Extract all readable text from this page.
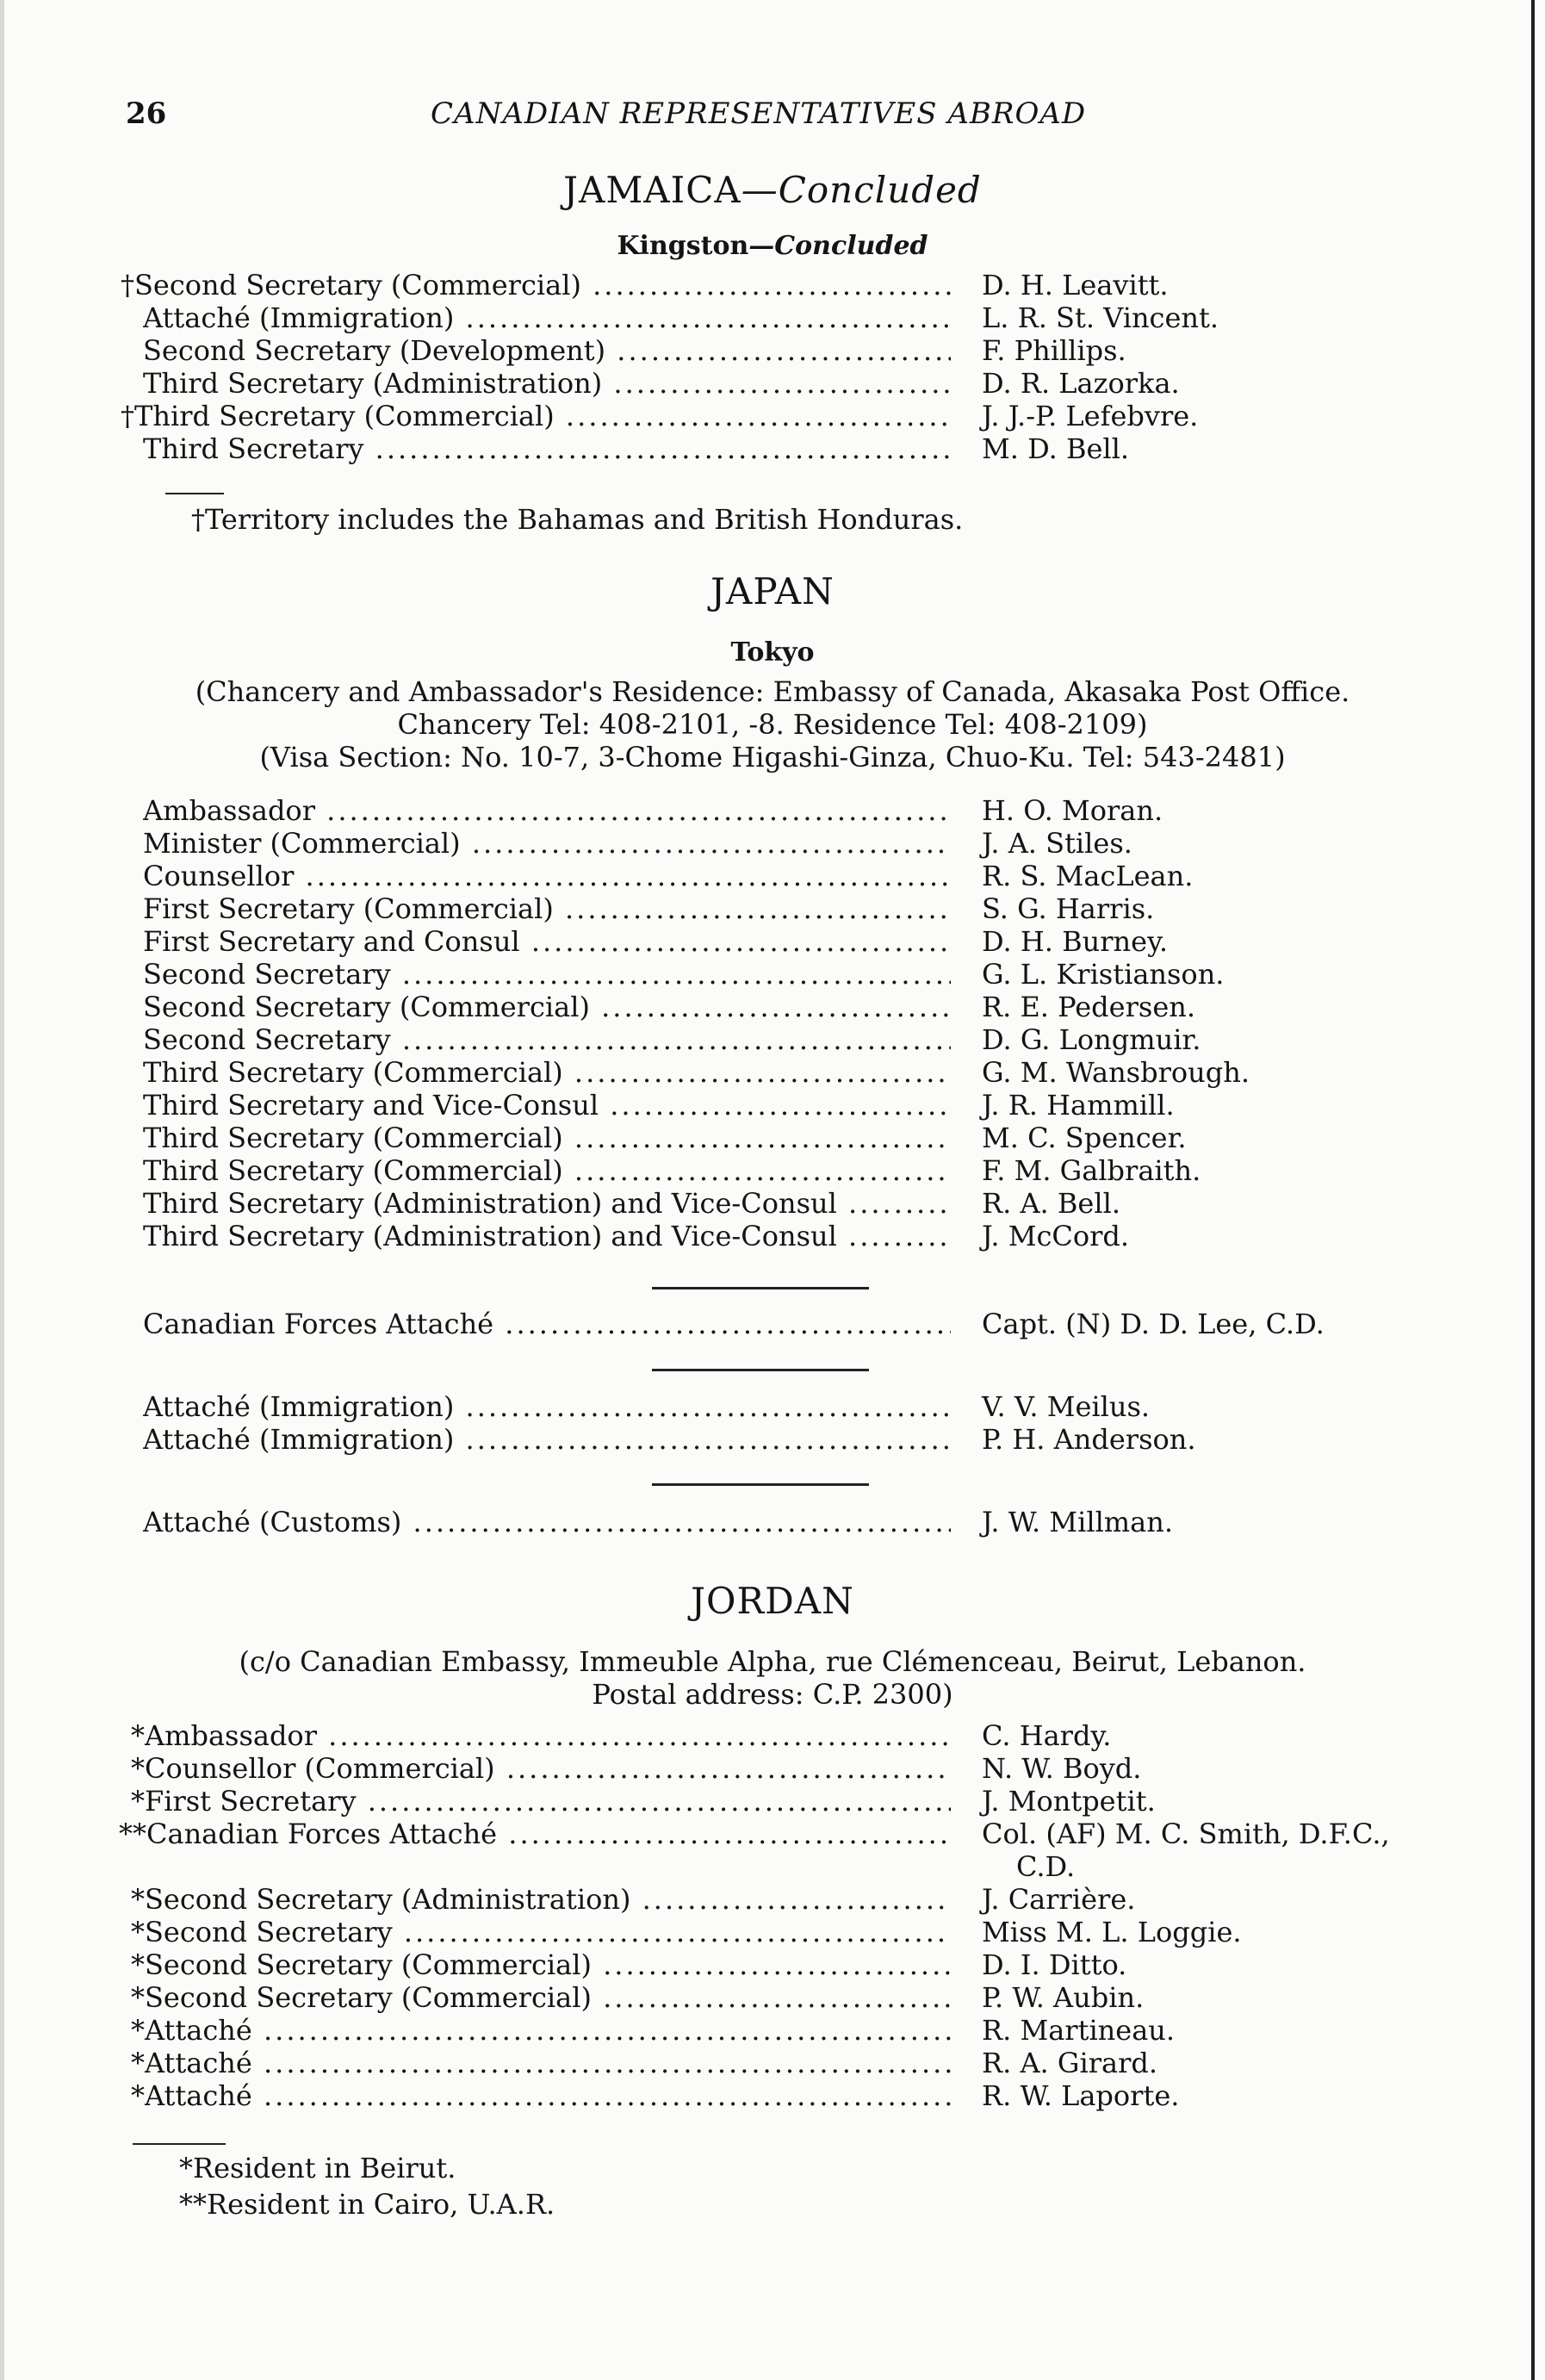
26	CANADIAN REPRESENTATIVES ABROAD
JAMAICA—Concluded
Kingston—Concluded
†Second Secretary (Commercial) .....	D. H. Leavitt.
Attaché (Immigration) .....	L. R. St. Vincent.
Second Secretary (Development) .....	F. Phillips.
Third Secretary (Administration) .....	D. R. Lazorka.
†Third Secretary (Commercial) .....	J. J.-P. Lefebvre.
Third Secretary .....	M. D. Bell.
†Territory includes the Bahamas and British Honduras.
JAPAN
Tokyo
(Chancery and Ambassador's Residence: Embassy of Canada, Akasaka Post Office.
Chancery Tel: 408-2101, -8. Residence Tel: 408-2109)
(Visa Section: No. 10-7, 3-Chome Higashi-Ginza, Chuo-Ku. Tel: 543-2481)
Ambassador .....	H. O. Moran.
Minister (Commercial) .....	J. A. Stiles.
Counsellor .....	R. S. MacLean.
First Secretary (Commercial) .....	S. G. Harris.
First Secretary and Consul .....	D. H. Burney.
Second Secretary .....	G. L. Kristianson.
Second Secretary (Commercial) .....	R. E. Pedersen.
Second Secretary .....	D. G. Longmuir.
Third Secretary (Commercial) .....	G. M. Wansbrough.
Third Secretary and Vice-Consul .....	J. R. Hammill.
Third Secretary (Commercial) .....	M. C. Spencer.
Third Secretary (Commercial) .....	F. M. Galbraith.
Third Secretary (Administration) and Vice-Consul .....	R. A. Bell.
Third Secretary (Administration) and Vice-Consul .....	J. McCord.
Canadian Forces Attaché .....	Capt. (N) D. D. Lee, C.D.
Attaché (Immigration) .....	V. V. Meilus.
Attaché (Immigration) .....	P. H. Anderson.
Attaché (Customs) .....	J. W. Millman.
JORDAN
(c/o Canadian Embassy, Immeuble Alpha, rue Clémenceau, Beirut, Lebanon.
Postal address: C.P. 2300)
*Ambassador .....	C. Hardy.
*Counsellor (Commercial) .....	N. W. Boyd.
*First Secretary .....	J. Montpetit.
**Canadian Forces Attaché .....	Col. (AF) M. C. Smith, D.F.C.,
C.D.
*Second Secretary (Administration) .....	J. Carrière.
*Second Secretary .....	Miss M. L. Loggie.
*Second Secretary (Commercial) .....	D. I. Ditto.
*Second Secretary (Commercial) .....	P. W. Aubin.
*Attaché .....	R. Martineau.
*Attaché .....	R. A. Girard.
*Attaché .....	R. W. Laporte.
*Resident in Beirut.
**Resident in Cairo, U.A.R.
